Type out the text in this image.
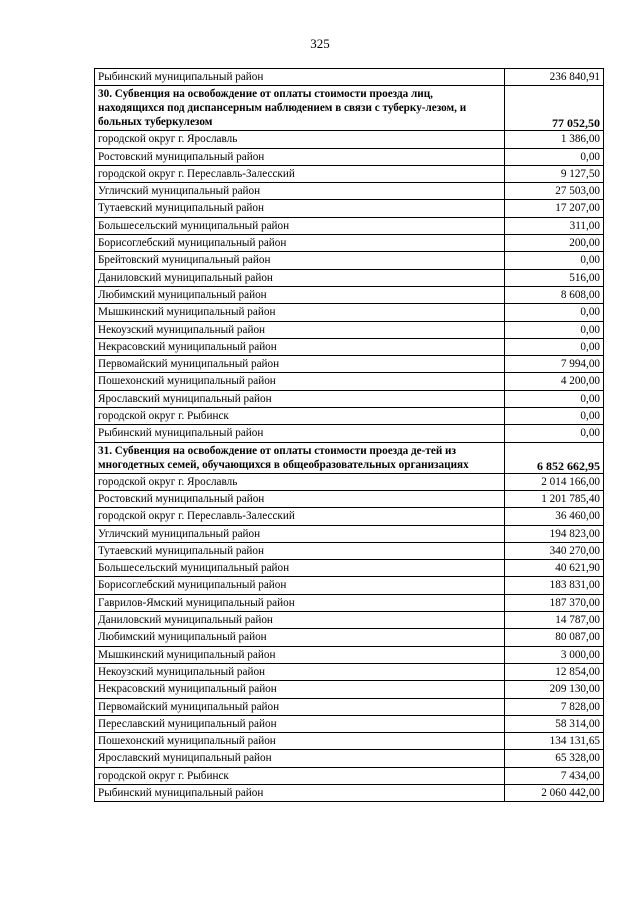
325
Рыбинский муниципальный район	236 840,91
30. Субвенция на освобождение от оплаты стоимости проезда лиц, находящихся под диспансерным наблюдением в связи с туберку-лезом, и больных туберкулезом	77 052,50
городской округ г. Ярославль	1 386,00
Ростовский муниципальный район	0,00
городской округ г. Переславль-Залесский	9 127,50
Угличский муниципальный район	27 503,00
Тутаевский муниципальный район	17 207,00
Большесельский муниципальный район	311,00
Борисоглебский муниципальный район	200,00
Брейтовский муниципальный район	0,00
Даниловский муниципальный район	516,00
Любимский муниципальный район	8 608,00
Мышкинский муниципальный район	0,00
Некоузский муниципальный район	0,00
Некрасовский муниципальный район	0,00
Первомайский муниципальный район	7 994,00
Пошехонский муниципальный район	4 200,00
Ярославский муниципальный район	0,00
городской округ г. Рыбинск	0,00
Рыбинский муниципальный район	0,00
31. Субвенция на освобождение от оплаты стоимости проезда де-тей из многодетных семей, обучающихся в общеобразовательных организациях	6 852 662,95
городской округ г. Ярославль	2 014 166,00
Ростовский муниципальный район	1 201 785,40
городской округ г. Переславль-Залесский	36 460,00
Угличский муниципальный район	194 823,00
Тутаевский муниципальный район	340 270,00
Большесельский муниципальный район	40 621,90
Борисоглебский муниципальный район	183 831,00
Гаврилов-Ямский муниципальный район	187 370,00
Даниловский муниципальный район	14 787,00
Любимский муниципальный район	80 087,00
Мышкинский муниципальный район	3 000,00
Некоузский муниципальный район	12 854,00
Некрасовский муниципальный район	209 130,00
Первомайский муниципальный район	7 828,00
Переславский муниципальный район	58 314,00
Пошехонский муниципальный район	134 131,65
Ярославский муниципальный район	65 328,00
городской округ г. Рыбинск	7 434,00
Рыбинский муниципальный район	2 060 442,00
